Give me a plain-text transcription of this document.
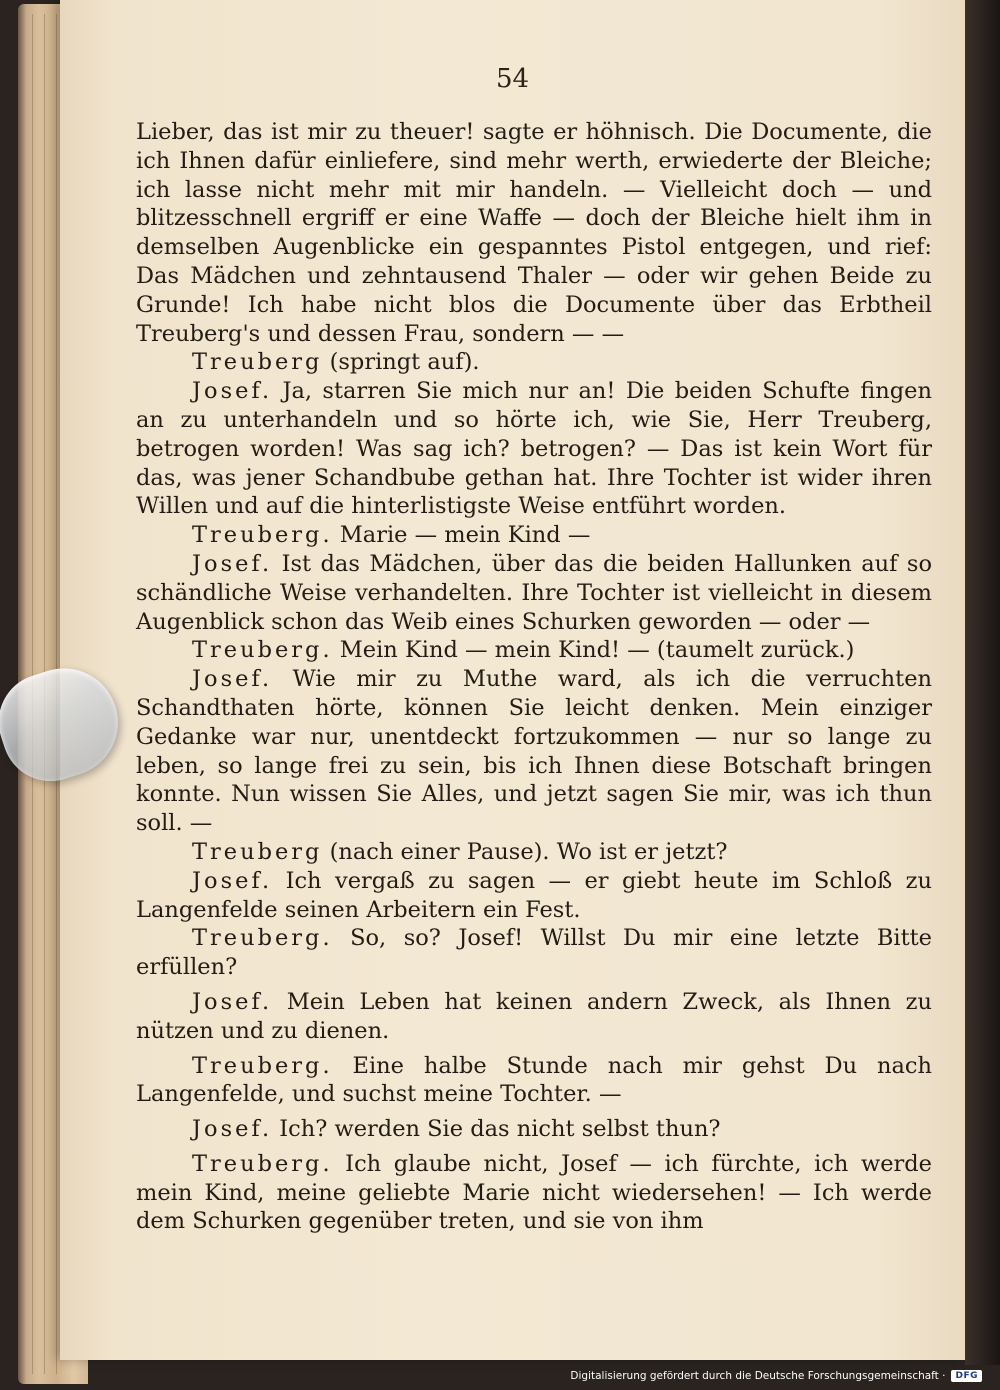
54

Lieber, das ist mir zu theuer! sagte er höhnisch. Die Documente, die ich Ihnen dafür einliefere, sind mehr werth, erwiederte der Bleiche; ich lasse nicht mehr mit mir handeln. — Vielleicht doch — und blitzesschnell ergriff er eine Waffe — doch der Bleiche hielt ihm in demselben Augenblicke ein gespanntes Pistol entgegen, und rief: Das Mädchen und zehntausend Thaler — oder wir gehen Beide zu Grunde! Ich habe nicht blos die Documente über das Erbtheil Treuberg's und dessen Frau, sondern — —

Treuberg (springt auf).

Josef. Ja, starren Sie mich nur an! Die beiden Schufte fingen an zu unterhandeln und so hörte ich, wie Sie, Herr Treuberg, betrogen worden! Was sag ich? betrogen? — Das ist kein Wort für das, was jener Schandbube gethan hat. Ihre Tochter ist wider ihren Willen und auf die hinterlistigste Weise entführt worden.

Treuberg. Marie — mein Kind —

Josef. Ist das Mädchen, über das die beiden Hallunken auf so schändliche Weise verhandelten. Ihre Tochter ist vielleicht in diesem Augenblick schon das Weib eines Schurken geworden — oder —

Treuberg. Mein Kind — mein Kind! — (taumelt zurück.)

Josef. Wie mir zu Muthe ward, als ich die verruchten Schandthaten hörte, können Sie leicht denken. Mein einziger Gedanke war nur, unentdeckt fortzukommen — nur so lange zu leben, so lange frei zu sein, bis ich Ihnen diese Botschaft bringen konnte. Nun wissen Sie Alles, und jetzt sagen Sie mir, was ich thun soll. —

Treuberg (nach einer Pause). Wo ist er jetzt?

Josef. Ich vergaß zu sagen — er giebt heute im Schloß zu Langenfelde seinen Arbeitern ein Fest.

Treuberg. So, so? Josef! Willst Du mir eine letzte Bitte erfüllen?

Josef. Mein Leben hat keinen andern Zweck, als Ihnen zu nützen und zu dienen.

Treuberg. Eine halbe Stunde nach mir gehst Du nach Langenfelde, und suchst meine Tochter. —

Josef. Ich? werden Sie das nicht selbst thun?

Treuberg. Ich glaube nicht, Josef — ich fürchte, ich werde mein Kind, meine geliebte Marie nicht wiedersehen! — Ich werde dem Schurken gegenüber treten, und sie von ihm

Digitalisierung gefördert durch die Deutsche Forschungsgemeinschaft ·	DFG
